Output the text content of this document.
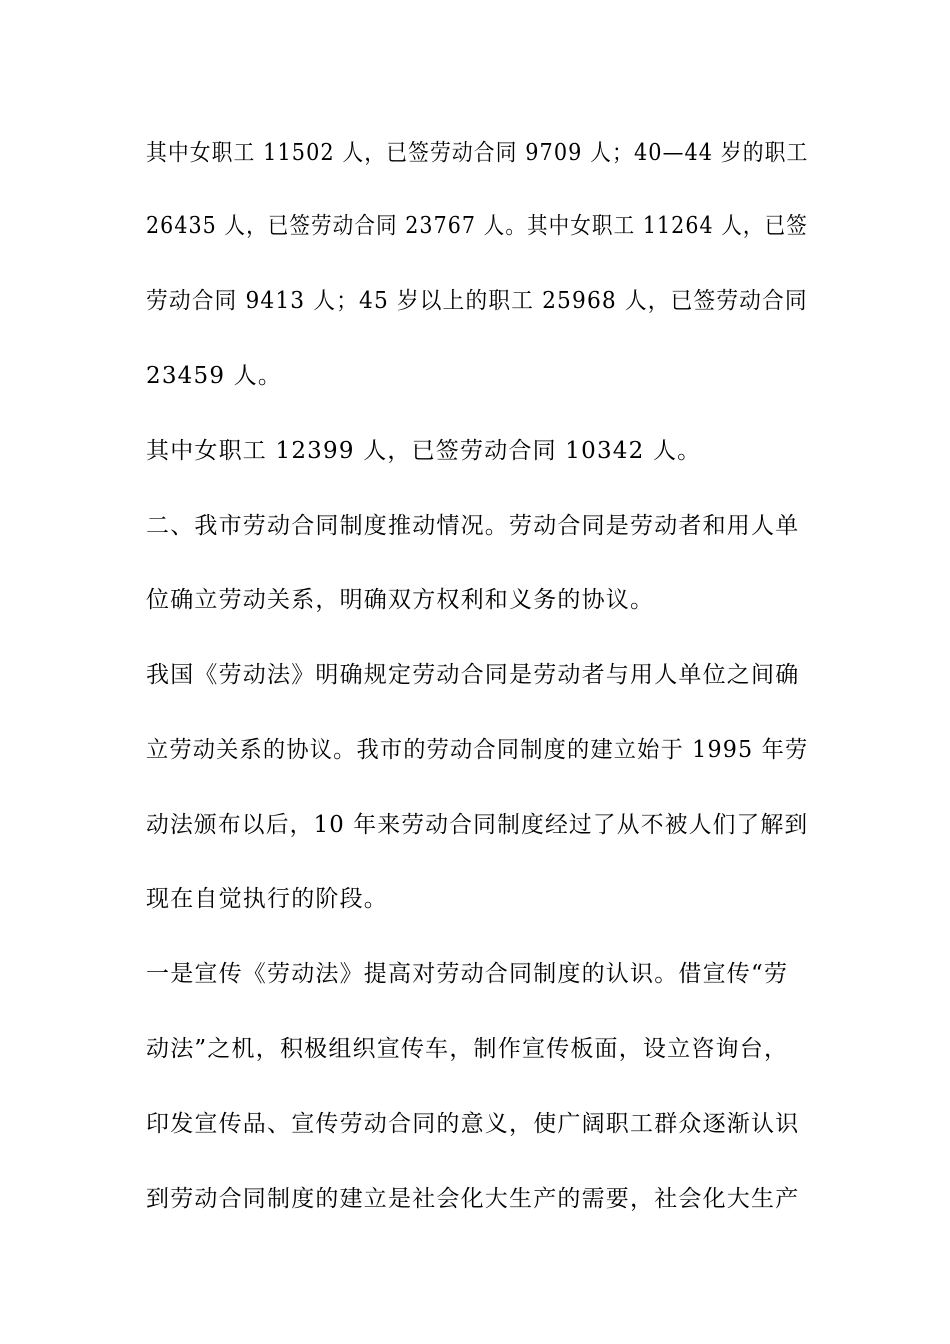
其中女职工 11502 人，已签劳动合同 9709 人；40—44 岁的职工
26435 人，已签劳动合同 23767 人。其中女职工 11264 人，已签
劳动合同 9413 人；45 岁以上的职工 25968 人，已签劳动合同
23459 人。
其中女职工 12399 人，已签劳动合同 10342 人。
二、我市劳动合同制度推动情况。劳动合同是劳动者和用人单
位确立劳动关系，明确双方权利和义务的协议。
我国《劳动法》明确规定劳动合同是劳动者与用人单位之间确
立劳动关系的协议。我市的劳动合同制度的建立始于 1995 年劳
动法颁布以后，10 年来劳动合同制度经过了从不被人们了解到
现在自觉执行的阶段。
一是宣传《劳动法》提高对劳动合同制度的认识。借宣传“劳
动法”之机，积极组织宣传车，制作宣传板面，设立咨询台，
印发宣传品、宣传劳动合同的意义，使广阔职工群众逐渐认识
到劳动合同制度的建立是社会化大生产的需要，社会化大生产
